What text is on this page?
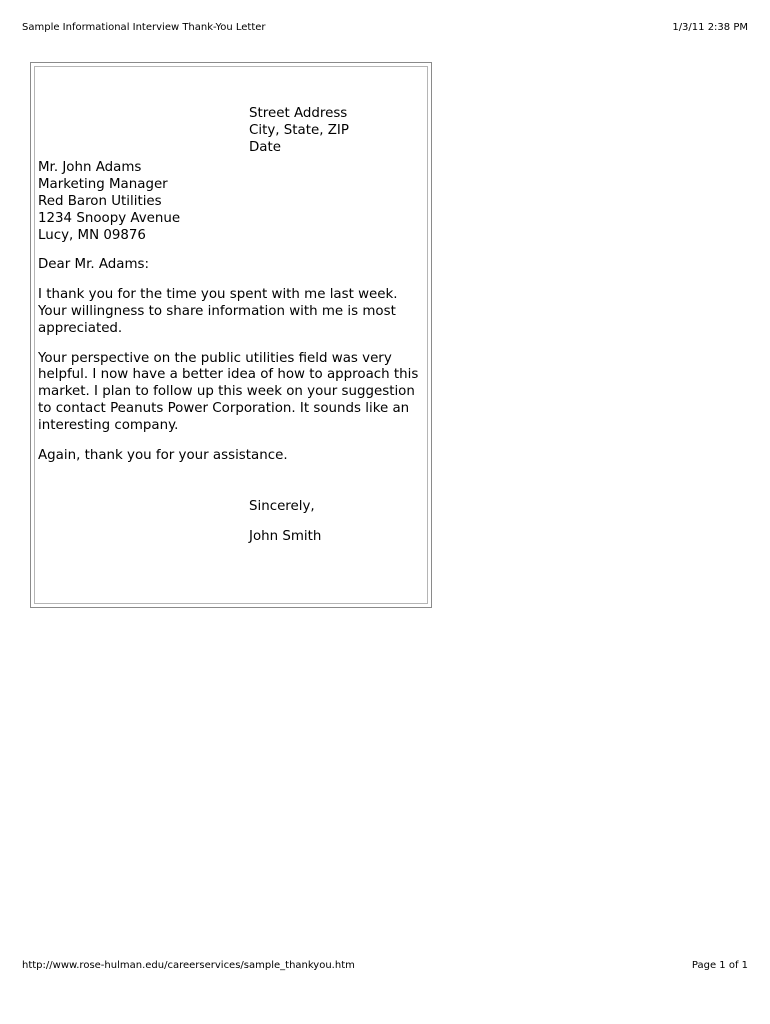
Sample Informational Interview Thank-You Letter	1/3/11 2:38 PM
Street Address
City, State, ZIP
Date
Mr. John Adams
Marketing Manager
Red Baron Utilities
1234 Snoopy Avenue
Lucy, MN 09876
Dear Mr. Adams:
I thank you for the time you spent with me last week.
Your willingness to share information with me is most
appreciated.
Your perspective on the public utilities field was very
helpful. I now have a better idea of how to approach this
market. I plan to follow up this week on your suggestion
to contact Peanuts Power Corporation. It sounds like an
interesting company.
Again, thank you for your assistance.
Sincerely,
John Smith
http://www.rose-hulman.edu/careerservices/sample_thankyou.htm	Page 1 of 1
